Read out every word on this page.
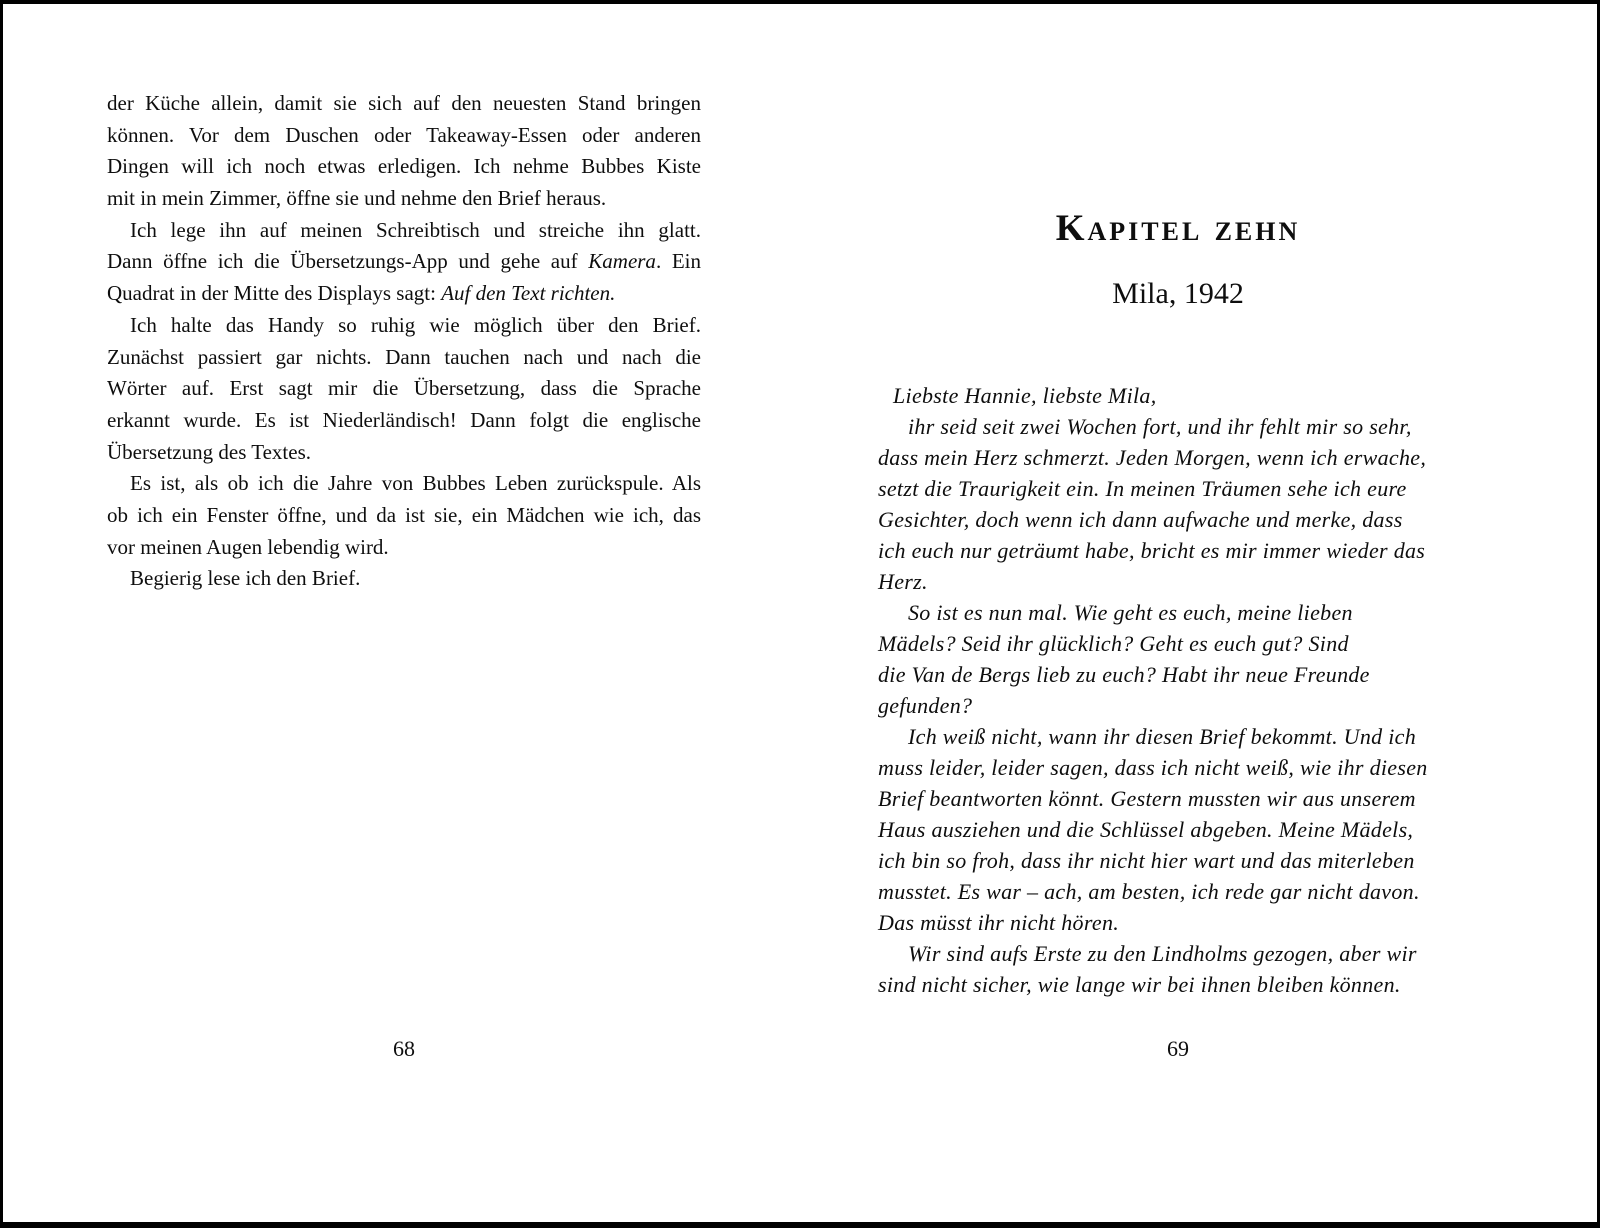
der Küche allein, damit sie sich auf den neuesten Stand bringen
können. Vor dem Duschen oder Takeaway-Essen oder anderen
Dingen will ich noch etwas erledigen. Ich nehme Bubbes Kiste
mit in mein Zimmer, öffne sie und nehme den Brief heraus.
Ich lege ihn auf meinen Schreibtisch und streiche ihn glatt.
Dann öffne ich die Übersetzungs-App und gehe auf Kamera. Ein
Quadrat in der Mitte des Displays sagt: Auf den Text richten.
Ich halte das Handy so ruhig wie möglich über den Brief.
Zunächst passiert gar nichts. Dann tauchen nach und nach die
Wörter auf. Erst sagt mir die Übersetzung, dass die Sprache
erkannt wurde. Es ist Niederländisch! Dann folgt die englische
Übersetzung des Textes.
Es ist, als ob ich die Jahre von Bubbes Leben zurückspule. Als
ob ich ein Fenster öffne, und da ist sie, ein Mädchen wie ich, das
vor meinen Augen lebendig wird.
Begierig lese ich den Brief.
68
Kapitel zehn
Mila, 1942
Liebste Hannie, liebste Mila,
ihr seid seit zwei Wochen fort, und ihr fehlt mir so sehr,
dass mein Herz schmerzt. Jeden Morgen, wenn ich erwache,
setzt die Traurigkeit ein. In meinen Träumen sehe ich eure
Gesichter, doch wenn ich dann aufwache und merke, dass
ich euch nur geträumt habe, bricht es mir immer wieder das
Herz.
So ist es nun mal. Wie geht es euch, meine lieben
Mädels? Seid ihr glücklich? Geht es euch gut? Sind
die Van de Bergs lieb zu euch? Habt ihr neue Freunde
gefunden?
Ich weiß nicht, wann ihr diesen Brief bekommt. Und ich
muss leider, leider sagen, dass ich nicht weiß, wie ihr diesen
Brief beantworten könnt. Gestern mussten wir aus unserem
Haus ausziehen und die Schlüssel abgeben. Meine Mädels,
ich bin so froh, dass ihr nicht hier wart und das miterleben
musstet. Es war – ach, am besten, ich rede gar nicht davon.
Das müsst ihr nicht hören.
Wir sind aufs Erste zu den Lindholms gezogen, aber wir
sind nicht sicher, wie lange wir bei ihnen bleiben können.
69
